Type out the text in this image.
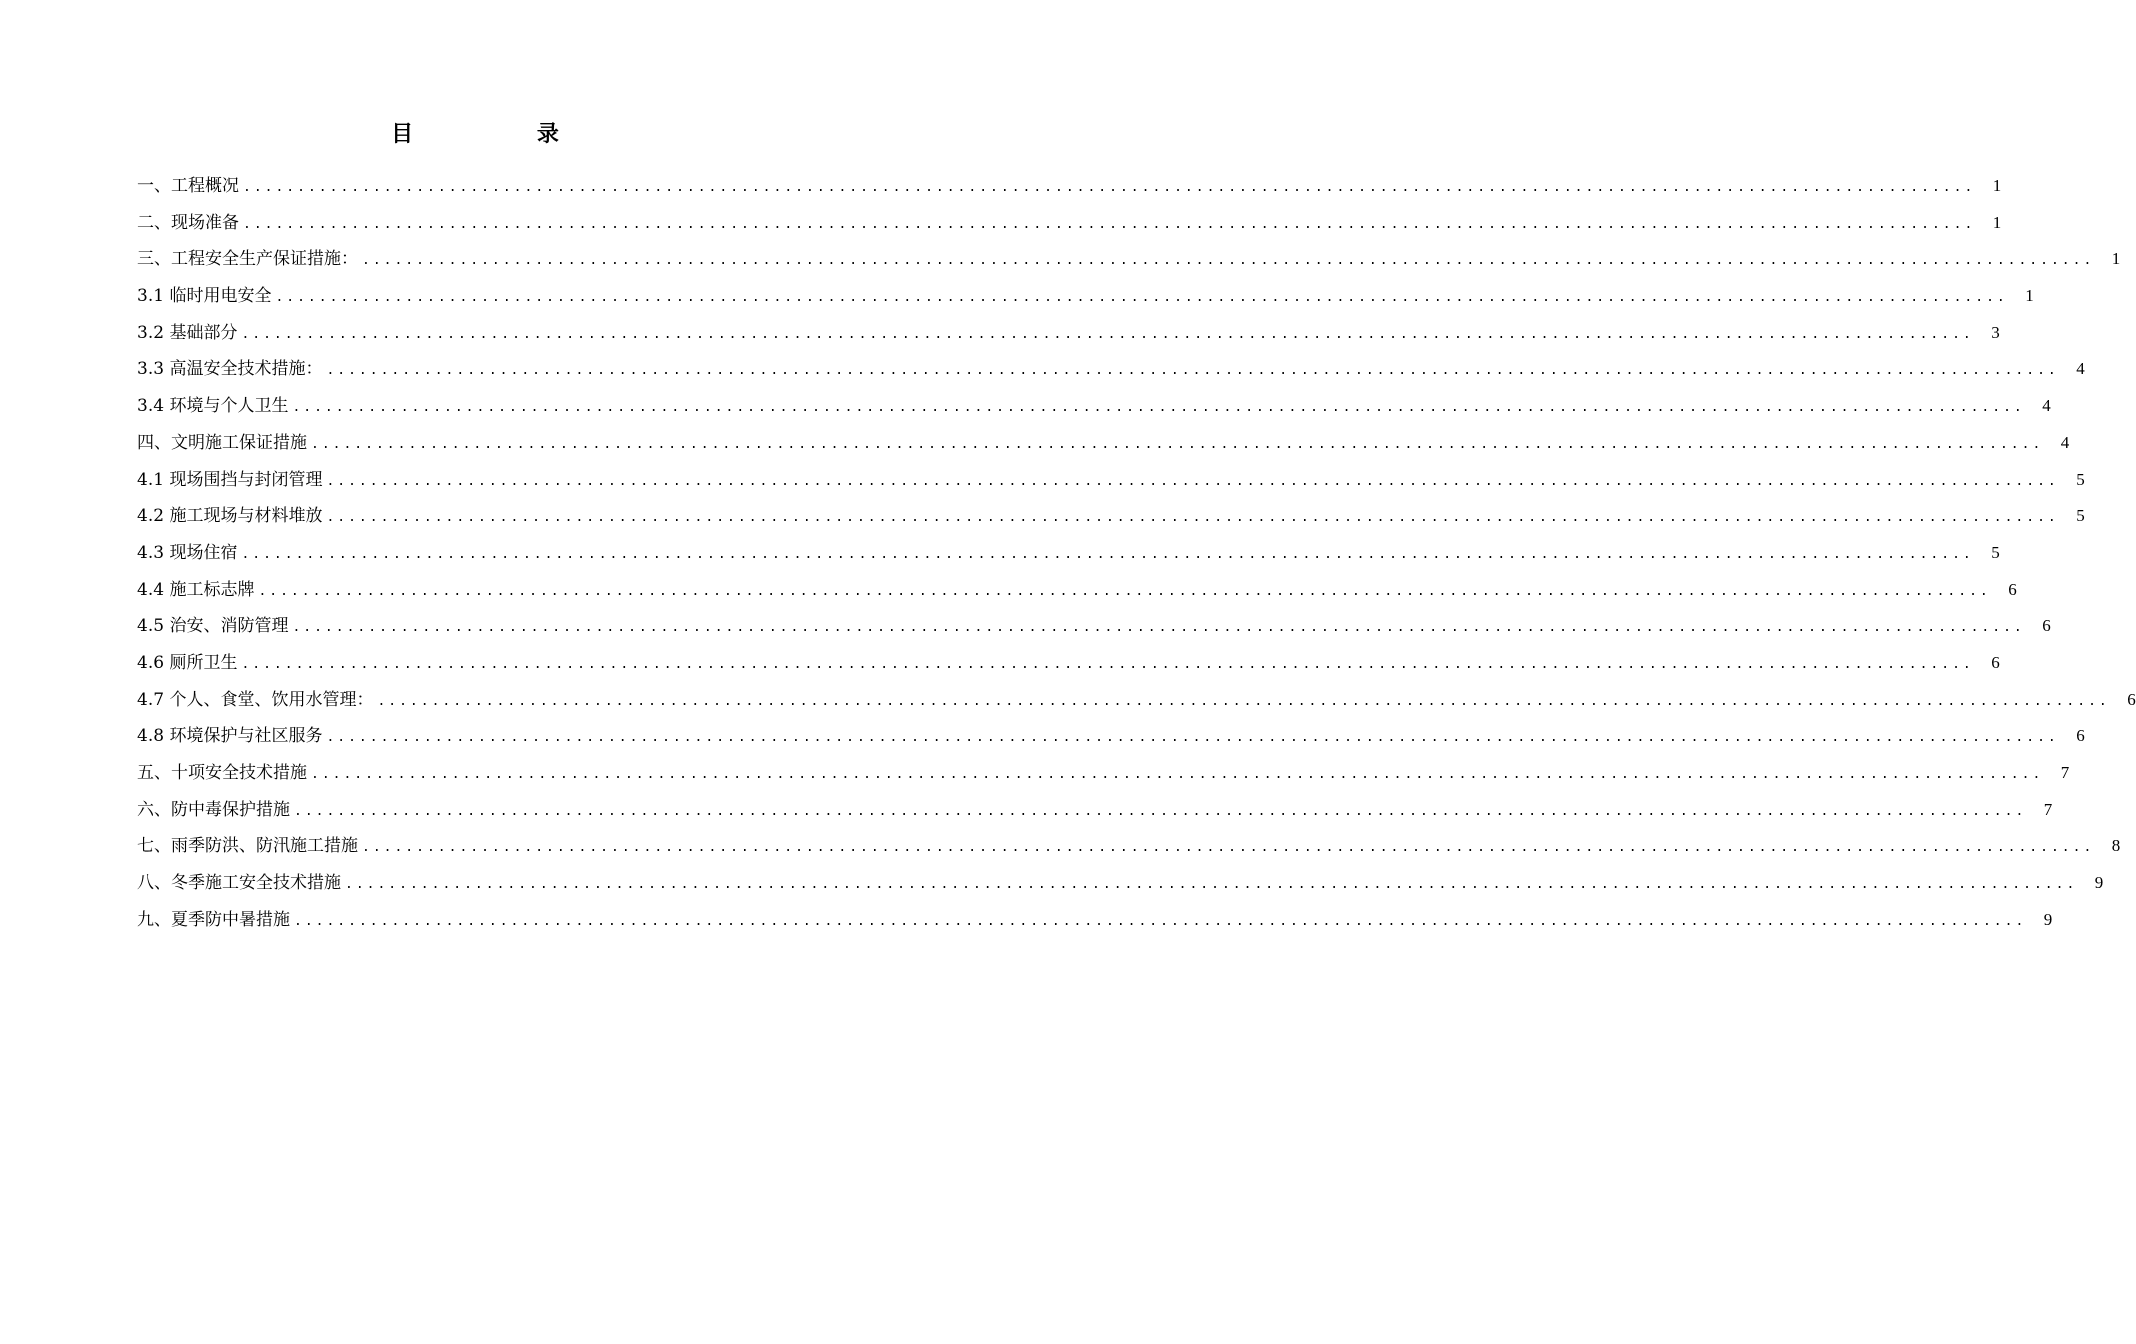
目 录
一、工程概况 ................................................................................................................................................................	1
二、现场准备 ................................................................................................................................................................	1
三、工程安全生产保证措施： ................................................................................................................................................................	1
3.1 临时用电安全 ................................................................................................................................................................	1
3.2 基础部分 ................................................................................................................................................................	3
3.3 高温安全技术措施： ................................................................................................................................................................	4
3.4 环境与个人卫生 ................................................................................................................................................................	4
四、文明施工保证措施 ................................................................................................................................................................	4
4.1 现场围挡与封闭管理 ................................................................................................................................................................	5
4.2 施工现场与材料堆放 ................................................................................................................................................................	5
4.3 现场住宿 ................................................................................................................................................................	5
4.4 施工标志牌 ................................................................................................................................................................	6
4.5 治安、消防管理 ................................................................................................................................................................	6
4.6 厕所卫生 ................................................................................................................................................................	6
4.7 个人、食堂、饮用水管理： ................................................................................................................................................................	6
4.8 环境保护与社区服务 ................................................................................................................................................................	6
五、十项安全技术措施 ................................................................................................................................................................	7
六、防中毒保护措施 ................................................................................................................................................................	7
七、雨季防洪、防汛施工措施 ................................................................................................................................................................	8
八、冬季施工安全技术措施 ................................................................................................................................................................	9
九、夏季防中暑措施 ................................................................................................................................................................	9
